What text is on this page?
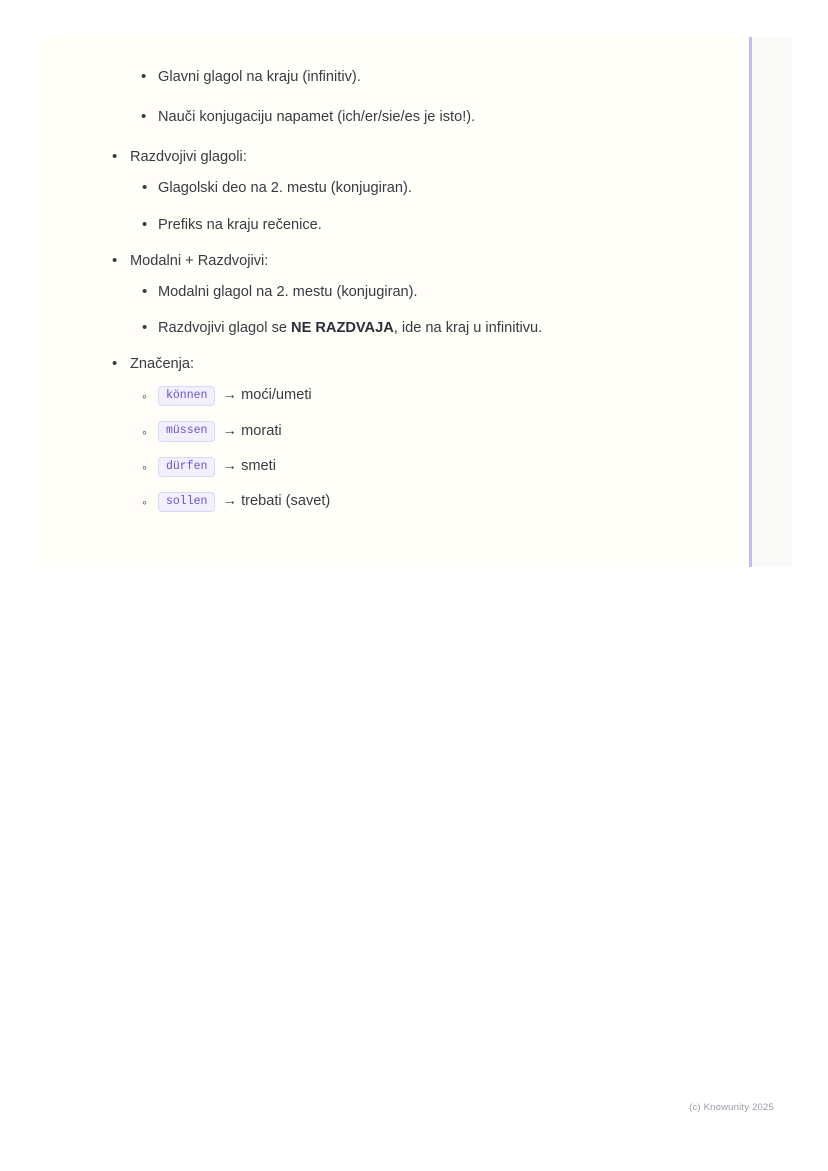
• Glavni glagol na kraju (infinitiv).
• Nauči konjugaciju napamet (ich/er/sie/es je isto!).
• Razdvojivi glagoli:
• Glagolski deo na 2. mestu (konjugiran).
• Prefiks na kraju rečenice.
• Modalni + Razdvojivi:
• Modalni glagol na 2. mestu (konjugiran).
• Razdvojivi glagol se NE RAZDVAJA, ide na kraj u infinitivu.
• Značenja:
◦ können	→ moći/umeti
◦ müssen	→ morati
◦ dürfen	→ smeti
◦ sollen	→ trebati (savet)
(c) Knowunity 2025
